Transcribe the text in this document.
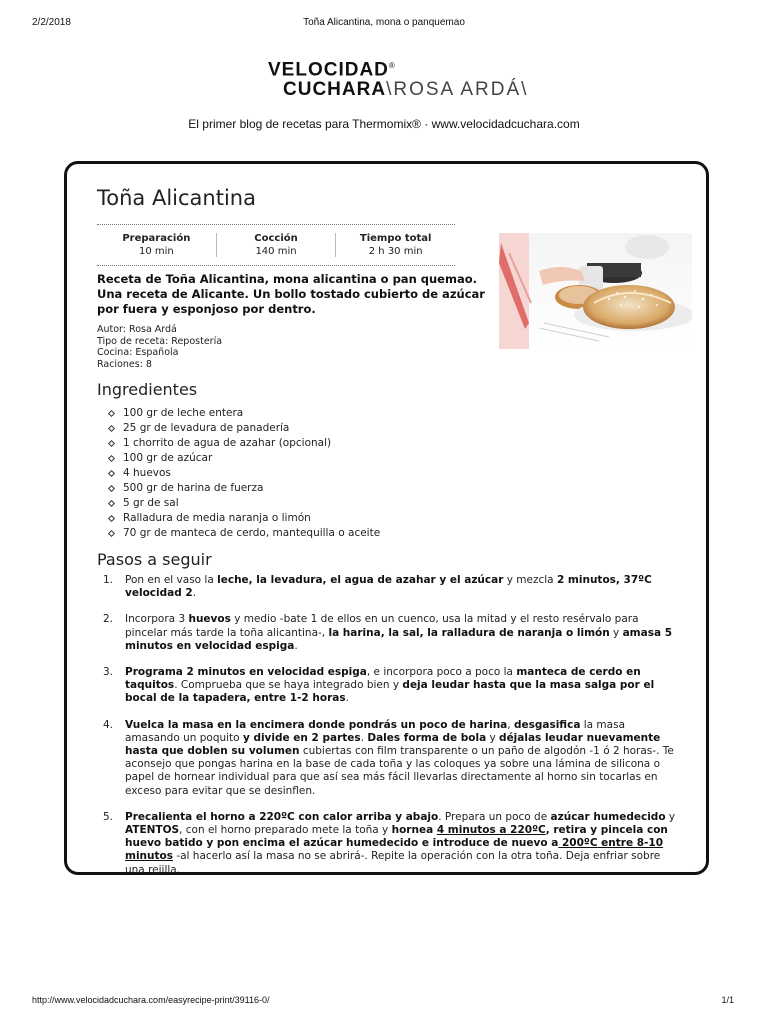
2/2/2018	Toña Alicantina, mona o panquemao
VELOCIDAD®
CUCHARA\ROSA ARDÁ\
El primer blog de recetas para Thermomix® · www.velocidadcuchara.com
Toña Alicantina
Preparación
10 min
Cocción
140 min
Tiempo total
2 h 30 min
Receta de Toña Alicantina, mona alicantina o pan quemao. Una receta de Alicante. Un bollo tostado cubierto de azúcar por fuera y esponjoso por dentro.
Autor: Rosa Ardá
Tipo de receta: Repostería
Cocina: Española
Raciones: 8
Ingredientes
100 gr de leche entera
25 gr de levadura de panadería
1 chorrito de agua de azahar (opcional)
100 gr de azúcar
4 huevos
500 gr de harina de fuerza
5 gr de sal
Ralladura de media naranja o limón
70 gr de manteca de cerdo, mantequilla o aceite
Pasos a seguir
1. Pon en el vaso la leche, la levadura, el agua de azahar y el azúcar y mezcla 2 minutos, 37ºC velocidad 2.
2. Incorpora 3 huevos y medio -bate 1 de ellos en un cuenco, usa la mitad y el resto resérvalo para pincelar más tarde la toña alicantina-, la harina, la sal, la ralladura de naranja o limón y amasa 5 minutos en velocidad espiga.
3. Programa 2 minutos en velocidad espiga, e incorpora poco a poco la manteca de cerdo en taquitos. Comprueba que se haya integrado bien y deja leudar hasta que la masa salga por el bocal de la tapadera, entre 1-2 horas.
4. Vuelca la masa en la encimera donde pondrás un poco de harina, desgasifica la masa amasando un poquito y divide en 2 partes. Dales forma de bola y déjalas leudar nuevamente hasta que doblen su volumen cubiertas con film transparente o un paño de algodón -1 ó 2 horas-. Te aconsejo que pongas harina en la base de cada toña y las coloques ya sobre una lámina de silicona o papel de hornear individual para que así sea más fácil llevarlas directamente al horno sin tocarlas en exceso para evitar que se desinflen.
5. Precalienta el horno a 220ºC con calor arriba y abajo. Prepara un poco de azúcar humedecido y ATENTOS, con el horno preparado mete la toña y hornea 4 minutos a 220ºC, retira y pincela con huevo batido y pon encima el azúcar humedecido e introduce de nuevo a 200ºC entre 8-10 minutos -al hacerlo así la masa no se abrirá-. Repite la operación con la otra toña. Deja enfriar sobre una rejilla.
http://www.velocidadcuchara.com/easyrecipe-print/39116-0/	1/1
